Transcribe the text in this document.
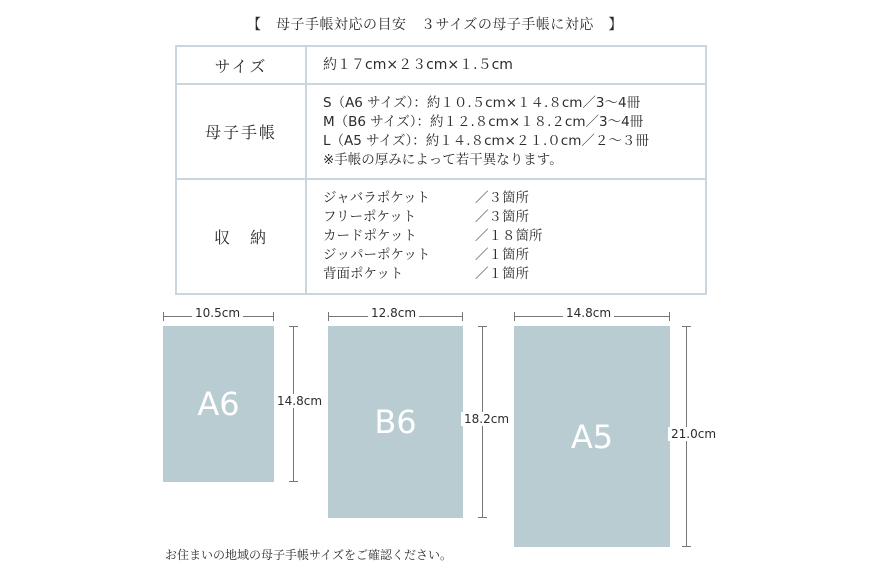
【　母子手帳対応の目安　３サイズの母子手帳に対応　】
サイズ	約１７cm×２３cm×１.５cm
母子手帳	S（A6 サイズ）：約１０.５cm×１４.８cm／3～4冊
M（B6 サイズ）：約１２.８cm×１８.２cm／3～4冊
L（A5 サイズ）：約１４.８cm×２１.０cm／２～３冊
※手帳の厚みによって若干異なります。

収　納	ジャバラポケット ／３箇所
フリーポケット ／３箇所
カードポケット ／１８箇所
ジッパーポケット ／１箇所
背面ポケット ／１箇所
10.5cm
A6	14.8cm
12.8cm
B6	18.2cm
14.8cm
A5	21.0cm
お住まいの地域の母子手帳サイズをご確認ください。
